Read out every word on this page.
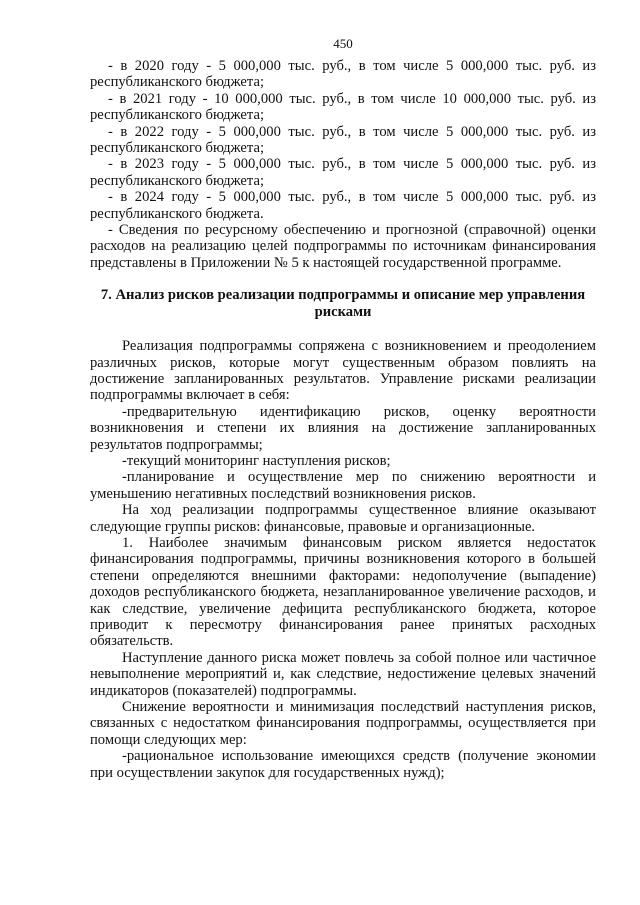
450

- в 2020 году - 5 000,000 тыс. руб., в том числе 5 000,000 тыс. руб. из республиканского бюджета;

- в 2021 году - 10 000,000 тыс. руб., в том числе 10 000,000 тыс. руб. из республиканского бюджета;

- в 2022 году - 5 000,000 тыс. руб., в том числе 5 000,000 тыс. руб. из республиканского бюджета;

- в 2023 году - 5 000,000 тыс. руб., в том числе 5 000,000 тыс. руб. из республиканского бюджета;

- в 2024 году - 5 000,000 тыс. руб., в том числе 5 000,000 тыс. руб. из республиканского бюджета.

- Сведения по ресурсному обеспечению и прогнозной (справочной) оценки расходов на реализацию целей подпрограммы по источникам финансирования представлены в Приложении № 5 к настоящей государственной программе.

7. Анализ рисков реализации подпрограммы и описание мер управления рисками

Реализация подпрограммы сопряжена с возникновением и преодолением различных рисков, которые могут существенным образом повлиять на достижение запланированных результатов. Управление рисками реализации подпрограммы включает в себя:

-предварительную идентификацию рисков, оценку вероятности возникновения и степени их влияния на достижение запланированных результатов подпрограммы;

-текущий мониторинг наступления рисков;

-планирование и осуществление мер по снижению вероятности и уменьшению негативных последствий возникновения рисков.

На ход реализации подпрограммы существенное влияние оказывают следующие группы рисков: финансовые, правовые и организационные.

1. Наиболее значимым финансовым риском является недостаток финансирования подпрограммы, причины возникновения которого в большей степени определяются внешними факторами: недополучение (выпадение) доходов республиканского бюджета, незапланированное увеличение расходов, и как следствие, увеличение дефицита республиканского бюджета, которое приводит к пересмотру финансирования ранее принятых расходных обязательств.

Наступление данного риска может повлечь за собой полное или частичное невыполнение мероприятий и, как следствие, недостижение целевых значений индикаторов (показателей) подпрограммы.

Снижение вероятности и минимизация последствий наступления рисков, связанных с недостатком финансирования подпрограммы, осуществляется при помощи следующих мер:

-рациональное использование имеющихся средств (получение экономии при осуществлении закупок для государственных нужд);
